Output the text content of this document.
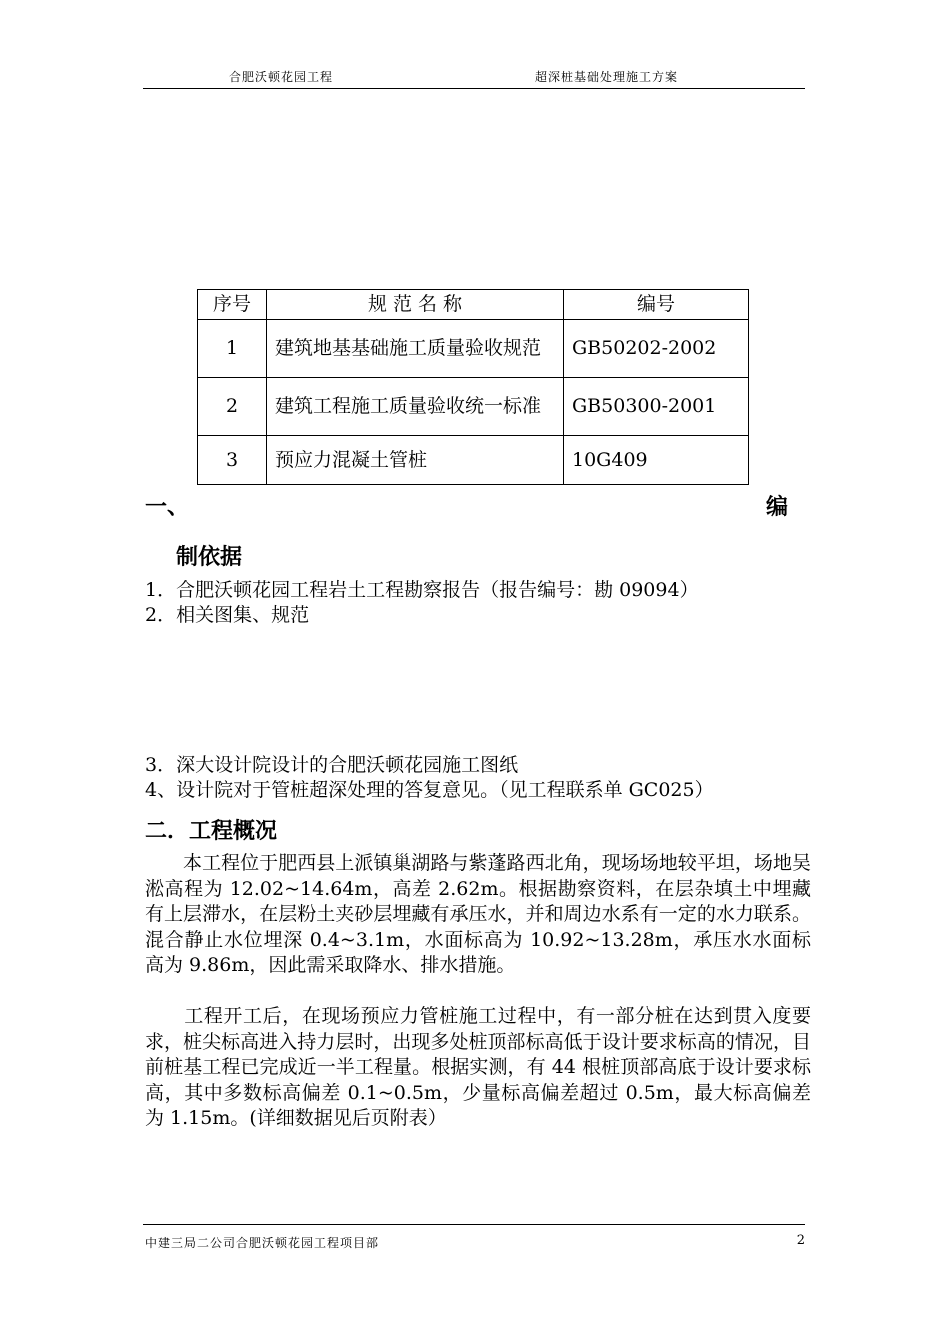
合肥沃顿花园工程	超深桩基础处理施工方案
序号	规 范 名 称	编号
1	建筑地基基础施工质量验收规范	GB50202-2002
2	建筑工程施工质量验收统一标准	GB50300-2001
3	预应力混凝土管桩	10G409
一、	编
制依据
1．合肥沃顿花园工程岩土工程勘察报告（报告编号：勘 09094）
2．相关图集、规范
3．深大设计院设计的合肥沃顿花园施工图纸
4、设计院对于管桩超深处理的答复意见。（见工程联系单 GC025）
二．工程概况
　　本工程位于肥西县上派镇巢湖路与紫蓬路西北角，现场场地较平坦，场地吴淞高程为 12.02~14.64m，高差 2.62m。根据勘察资料，在层杂填土中埋藏有上层滞水，在层粉土夹砂层埋藏有承压水，并和周边水系有一定的水力联系。混合静止水位埋深 0.4~3.1m，水面标高为 10.92~13.28m，承压水水面标高为 9.86m，因此需采取降水、排水措施。
　　工程开工后，在现场预应力管桩施工过程中，有一部分桩在达到贯入度要求，桩尖标高进入持力层时，出现多处桩顶部标高低于设计要求标高的情况，目前桩基工程已完成近一半工程量。根据实测，有 44 根桩顶部高底于设计要求标高，其中多数标高偏差 0.1~0.5m，少量标高偏差超过 0.5m，最大标高偏差为 1.15m。(详细数据见后页附表）
中建三局二公司合肥沃顿花园工程项目部	2
